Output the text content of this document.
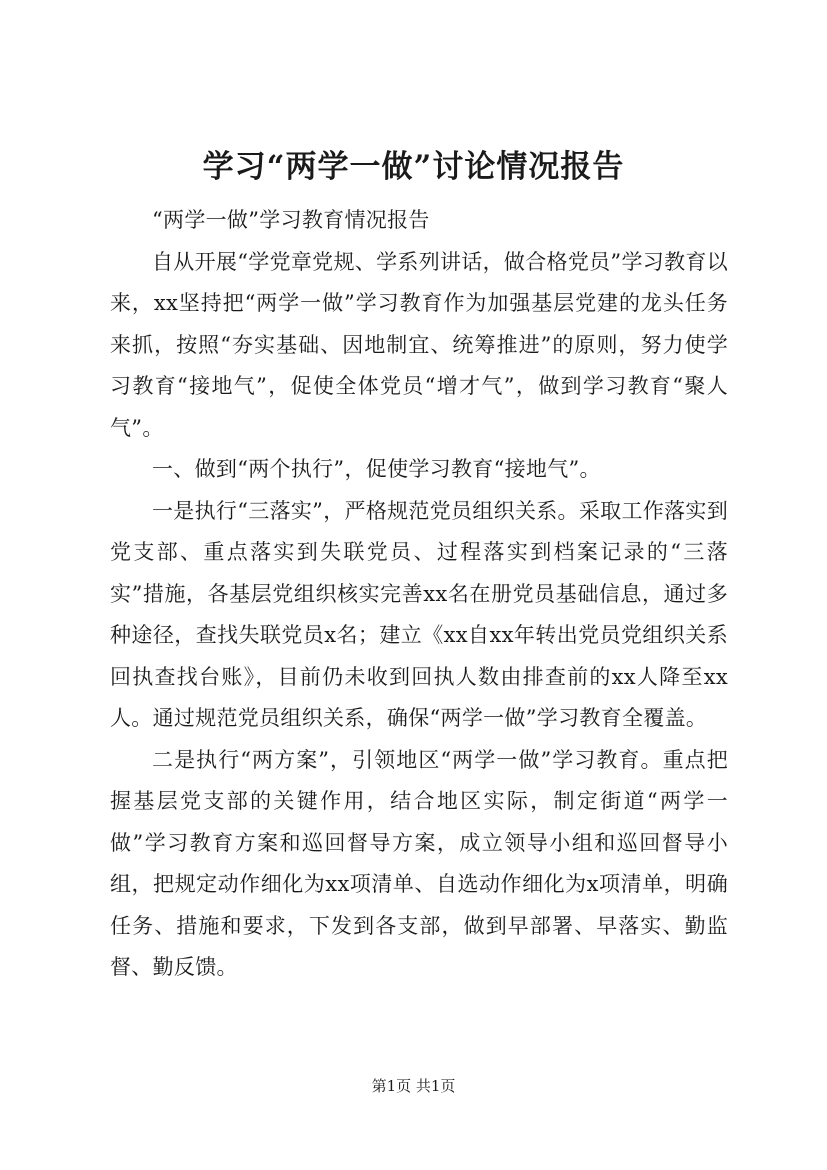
学习“两学一做”讨论情况报告

“两学一做”学习教育情况报告

自从开展“学党章党规、学系列讲话，做合格党员”学习教育以来，xx坚持把“两学一做”学习教育作为加强基层党建的龙头任务来抓，按照“夯实基础、因地制宜、统筹推进”的原则，努力使学习教育“接地气”，促使全体党员“增才气”，做到学习教育“聚人气”。

一、做到“两个执行”，促使学习教育“接地气”。

一是执行“三落实”，严格规范党员组织关系。采取工作落实到党支部、重点落实到失联党员、过程落实到档案记录的“三落实”措施，各基层党组织核实完善xx名在册党员基础信息，通过多种途径，查找失联党员x名；建立《xx自xx年转出党员党组织关系回执查找台账》，目前仍未收到回执人数由排查前的xx人降至xx人。通过规范党员组织关系，确保“两学一做”学习教育全覆盖。

二是执行“两方案”，引领地区“两学一做”学习教育。重点把握基层党支部的关键作用，结合地区实际，制定街道“两学一做”学习教育方案和巡回督导方案，成立领导小组和巡回督导小组，把规定动作细化为xx项清单、自选动作细化为x项清单，明确任务、措施和要求，下发到各支部，做到早部署、早落实、勤监督、勤反馈。

第1页 共1页
